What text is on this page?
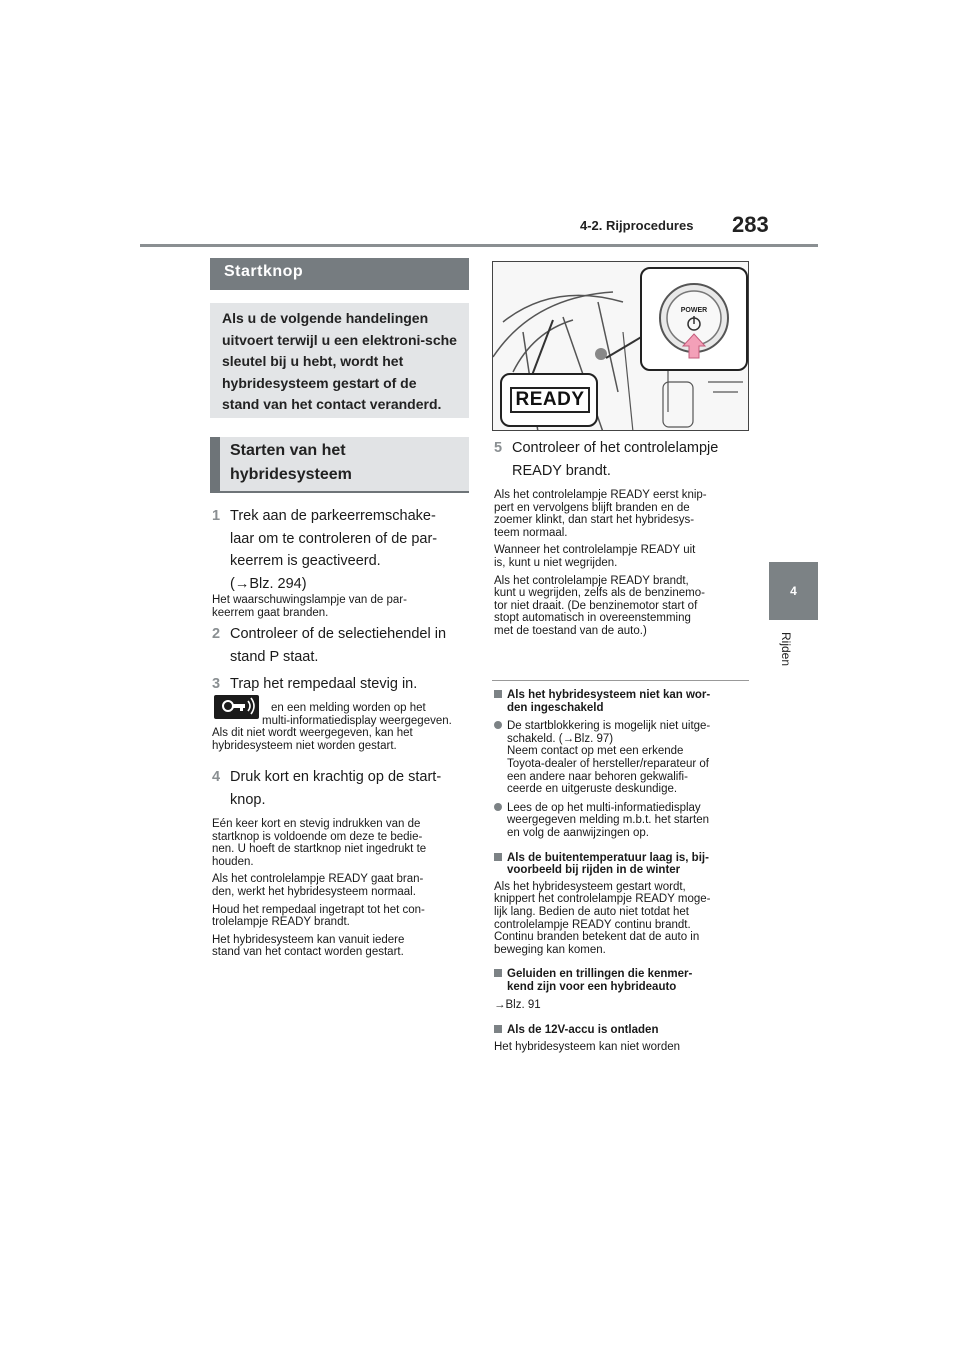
4-2. Rijprocedures 283
4
Rijden
Startknop
Als u de volgende handelingen uitvoert terwijl u een elektroni-sche sleutel bij u hebt, wordt het hybridesysteem gestart of de stand van het contact veranderd.
Starten van het
hybridesysteem
1 Trek aan de parkeerremschake-
laar om te controleren of de par-
keerrem is geactiveerd.
(→Blz. 294)
Het waarschuwingslampje van de par-
keerrem gaat branden.
2 Controleer of de selectiehendel in
stand P staat.
3 Trap het rempedaal stevig in.
en een melding worden op het
multi-informatiedisplay weergegeven.
Als dit niet wordt weergegeven, kan het
hybridesysteem niet worden gestart.
4 Druk kort en krachtig op de start-
knop.
Eén keer kort en stevig indrukken van de
startknop is voldoende om deze te bedie-
nen. U hoeft de startknop niet ingedrukt te
houden.
Als het controlelampje READY gaat bran-
den, werkt het hybridesysteem normaal.
Houd het rempedaal ingetrapt tot het con-
trolelampje READY brandt.
Het hybridesysteem kan vanuit iedere
stand van het contact worden gestart.
POWER
READY
5 Controleer of het controlelampje
READY brandt.
Als het controlelampje READY eerst knip-
pert en vervolgens blijft branden en de
zoemer klinkt, dan start het hybridesys-
teem normaal.
Wanneer het controlelampje READY uit
is, kunt u niet wegrijden.
Als het controlelampje READY brandt,
kunt u wegrijden, zelfs als de benzinemo-
tor niet draait. (De benzinemotor start of
stopt automatisch in overeenstemming
met de toestand van de auto.)
Als het hybridesysteem niet kan wor-
den ingeschakeld
De startblokkering is mogelijk niet uitge-
schakeld. (→Blz. 97)
Neem contact op met een erkende
Toyota-dealer of hersteller/reparateur of
een andere naar behoren gekwalifi-
ceerde en uitgeruste deskundige.
Lees de op het multi-informatiedisplay
weergegeven melding m.b.t. het starten
en volg de aanwijzingen op.
Als de buitentemperatuur laag is, bij-
voorbeeld bij rijden in de winter
Als het hybridesysteem gestart wordt,
knippert het controlelampje READY moge-
lijk lang. Bedien de auto niet totdat het
controlelampje READY continu brandt.
Continu branden betekent dat de auto in
beweging kan komen.
Geluiden en trillingen die kenmer-
kend zijn voor een hybrideauto
→Blz. 91
Als de 12V-accu is ontladen
Het hybridesysteem kan niet worden
